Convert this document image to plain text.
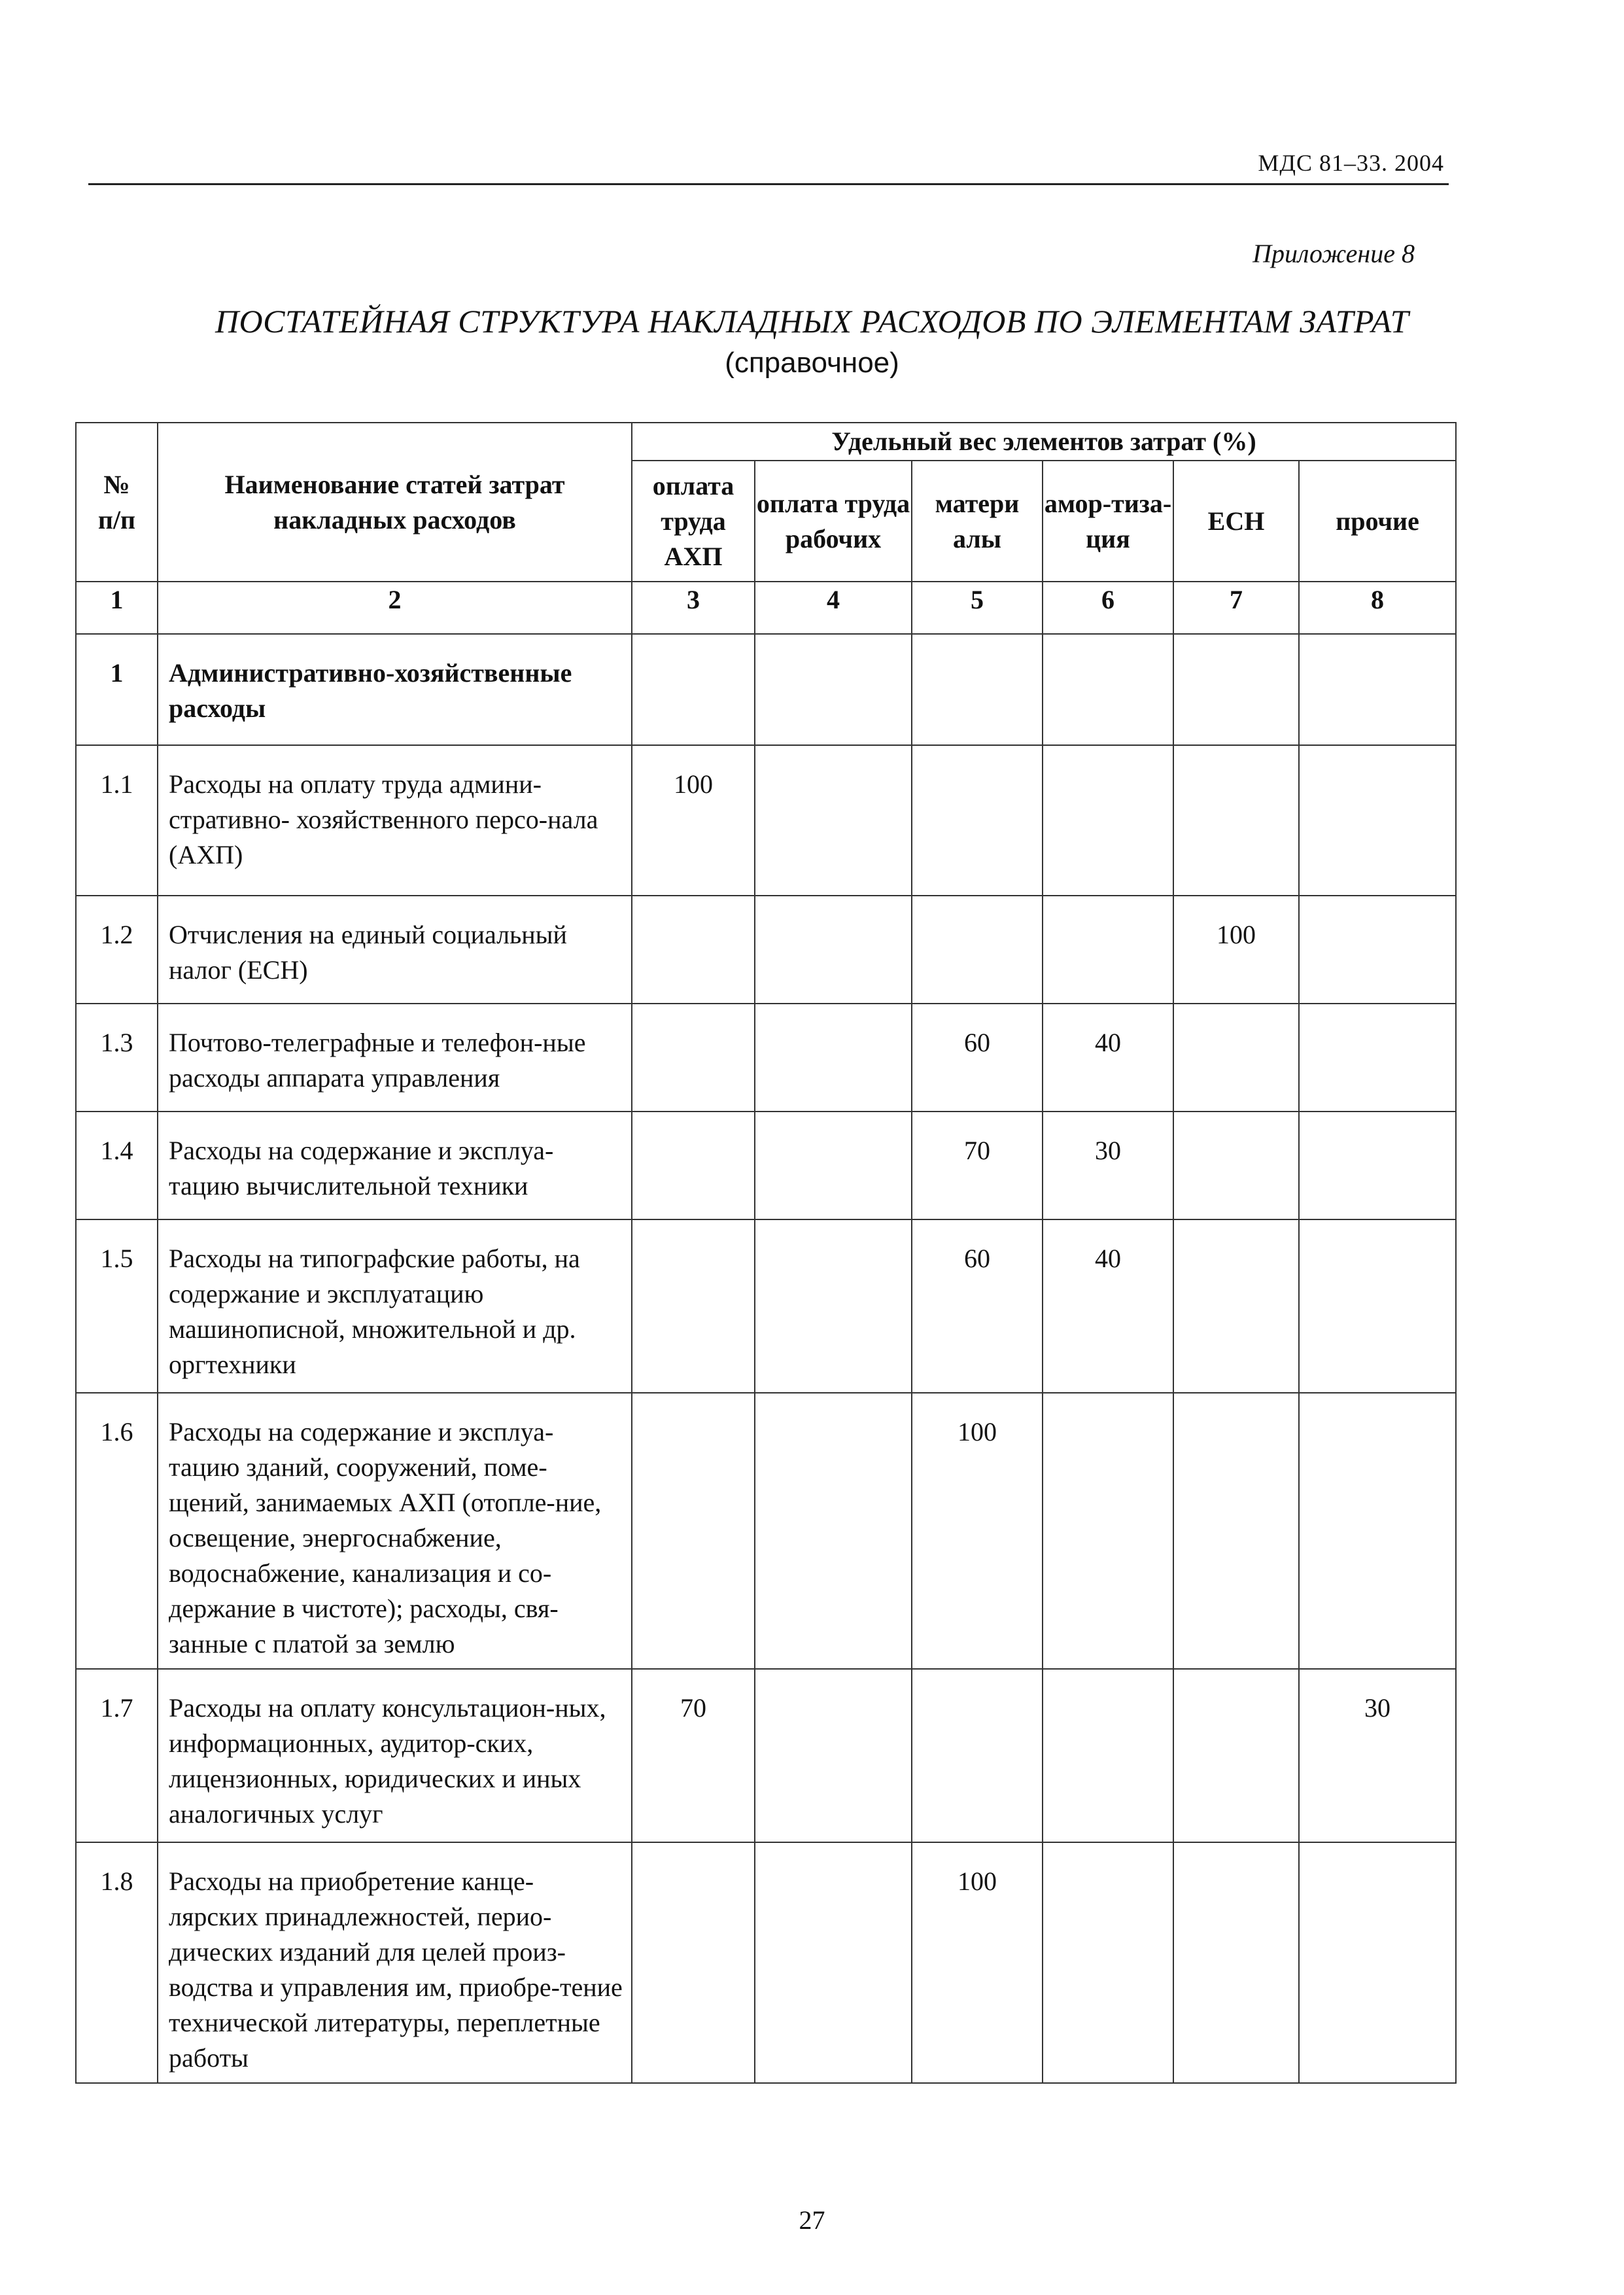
МДС 81–33. 2004
Приложение 8
ПОСТАТЕЙНАЯ СТРУКТУРА НАКЛАДНЫХ РАСХОДОВ ПО ЭЛЕМЕНТАМ ЗАТРАТ
(справочное)
№
п/п	Наименование статей затрат накладных расходов	Удельный вес элементов затрат (%)					
		оплата труда АХП	оплата труда рабочих	матери алы	амор-тиза-ция	ЕСН	прочие
1	2	3	4	5	6	7	8
1	Административно-хозяйственные расходы						
1.1	Расходы на оплату труда админи-стративно- хозяйственного персо-нала (АХП)	100					
1.2	Отчисления на единый социальный налог (ЕСН)					100	
1.3	Почтово-телеграфные и телефон-ные расходы аппарата управления			60	40		
1.4	Расходы на содержание и эксплуа-тацию вычислительной техники			70	30		
1.5	Расходы на типографские работы, на содержание и эксплуатацию машинописной, множительной и др. оргтехники			60	40		
1.6	Расходы на содержание и эксплуа-тацию зданий, сооружений, поме-щений, занимаемых АХП (отопле-ние, освещение, энергоснабжение, водоснабжение, канализация и со-держание в чистоте); расходы, свя-занные с платой за землю			100			
1.7	Расходы на оплату консультацион-ных, информационных, аудитор-ских, лицензионных, юридических и иных аналогичных услуг	70					30
1.8	Расходы на приобретение канце-лярских принадлежностей, перио-дических изданий для целей произ-водства и управления им, приобре-тение технической литературы, переплетные работы			100			
27
